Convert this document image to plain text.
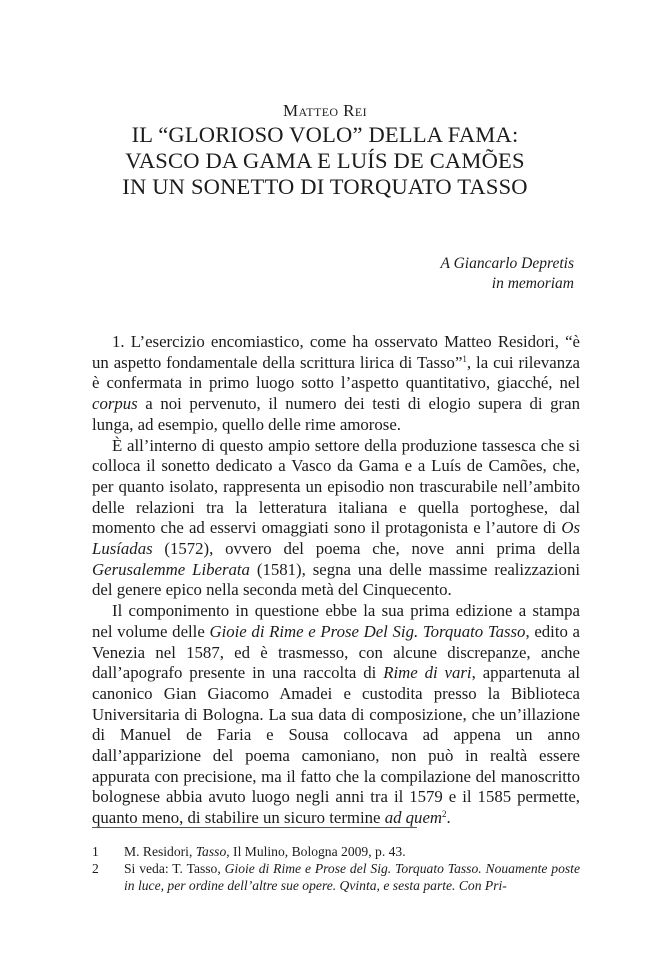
Matteo Rei
IL “GLORIOSO VOLO” DELLA FAMA:
VASCO DA GAMA E LUÍS DE CAMÕES
IN UN SONETTO DI TORQUATO TASSO
A Giancarlo Depretis
in memoriam

1. L’esercizio encomiastico, come ha osservato Matteo Residori, “è un aspetto fondamentale della scrittura lirica di Tasso”$^1$, la cui rilevanza è confermata in primo luogo sotto l’aspetto quantitativo, giacché, nel corpus a noi pervenuto, il numero dei testi di elogio supera di gran lunga, ad esempio, quello delle rime amorose.

È all’interno di questo ampio settore della produzione tassesca che si colloca il sonetto dedicato a Vasco da Gama e a Luís de Camões, che, per quanto isolato, rappresenta un episodio non trascurabile nell’ambito delle relazioni tra la letteratura italiana e quella portoghese, dal momento che ad esservi omaggiati sono il protagonista e l’autore di Os Lusíadas (1572), ovvero del poema che, nove anni prima della Gerusalemme Liberata (1581), segna una delle massime realizzazioni del genere epico nella seconda metà del Cinquecento.

Il componimento in questione ebbe la sua prima edizione a stampa nel volume delle Gioie di Rime e Prose Del Sig. Torquato Tasso, edito a Venezia nel 1587, ed è trasmesso, con alcune discrepanze, anche dall’apografo presente in una raccolta di Rime di vari, appartenuta al canonico Gian Giacomo Amadei e custodita presso la Biblioteca Universitaria di Bologna. La sua data di composizione, che un’illazione di Manuel de Faria e Sousa collocava ad appena un anno dall’apparizione del poema camoniano, non può in realtà essere appurata con precisione, ma il fatto che la compilazione del manoscritto bolognese abbia avuto luogo negli anni tra il 1579 e il 1585 permette, quanto meno, di stabilire un sicuro termine ad quem$^2$.

1 M. Residori, Tasso, Il Mulino, Bologna 2009, p. 43.
2 Si veda: T. Tasso, Gioie di Rime e Prose del Sig. Torquato Tasso. Nouamente poste in luce, per ordine dell’altre sue opere. Qvinta, e sesta parte. Con Pri-
